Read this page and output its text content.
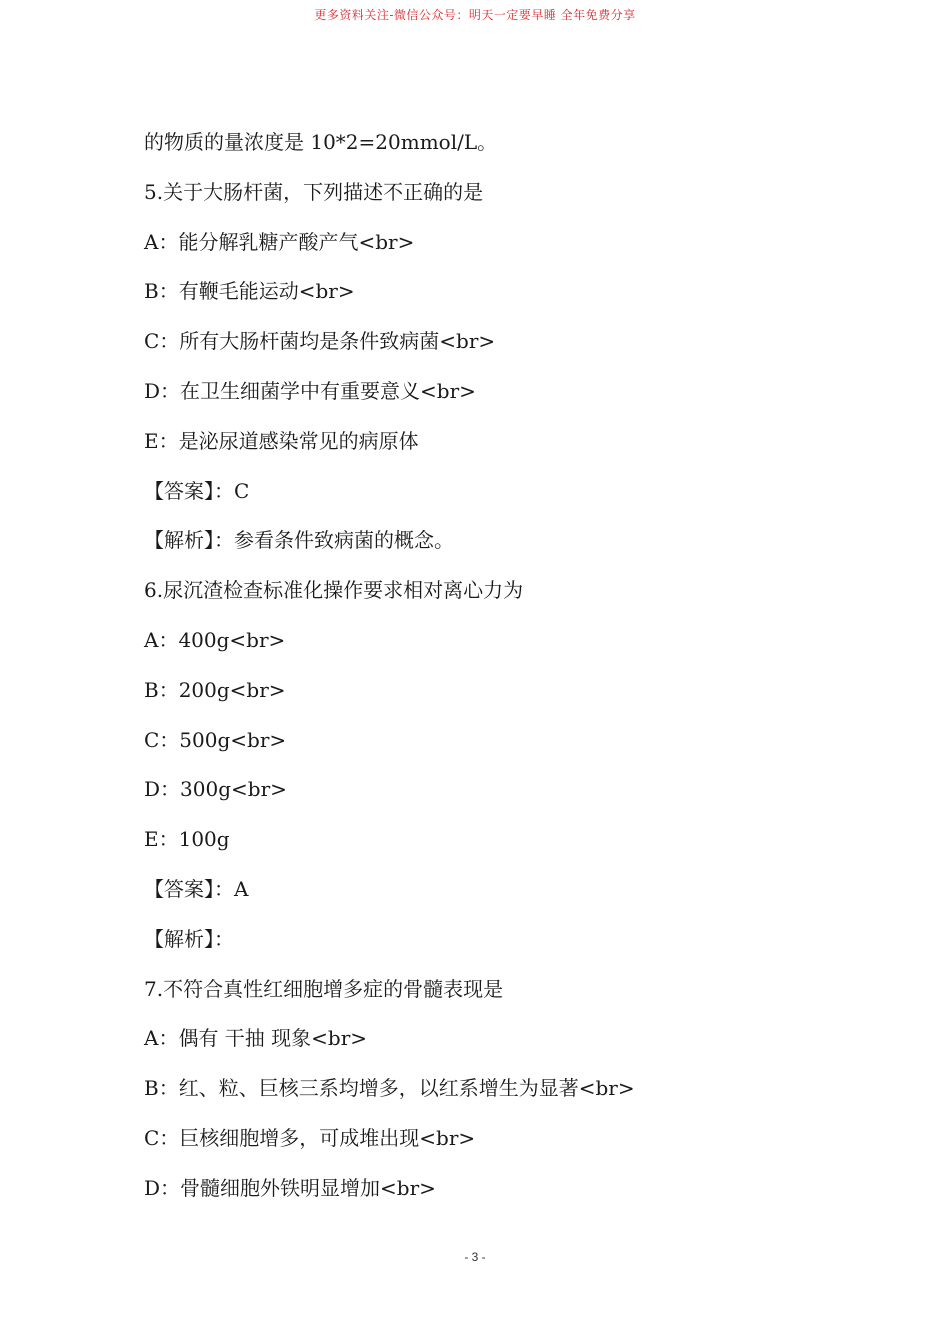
更多资料关注-微信公众号：明天一定要早睡 全年免费分享
的物质的量浓度是 10*2=20mmol/L。
5.关于大肠杆菌，下列描述不正确的是
A：能分解乳糖产酸产气<br>
B：有鞭毛能运动<br>
C：所有大肠杆菌均是条件致病菌<br>
D：在卫生细菌学中有重要意义<br>
E：是泌尿道感染常见的病原体
【答案】：C
【解析】：参看条件致病菌的概念。
6.尿沉渣检查标准化操作要求相对离心力为
A：400g<br>
B：200g<br>
C：500g<br>
D：300g<br>
E：100g
【答案】：A
【解析】：
7.不符合真性红细胞增多症的骨髓表现是
A：偶有 干抽 现象<br>
B：红、粒、巨核三系均增多，以红系增生为显著<br>
C：巨核细胞增多，可成堆出现<br>
D：骨髓细胞外铁明显增加<br>
- 3 -
